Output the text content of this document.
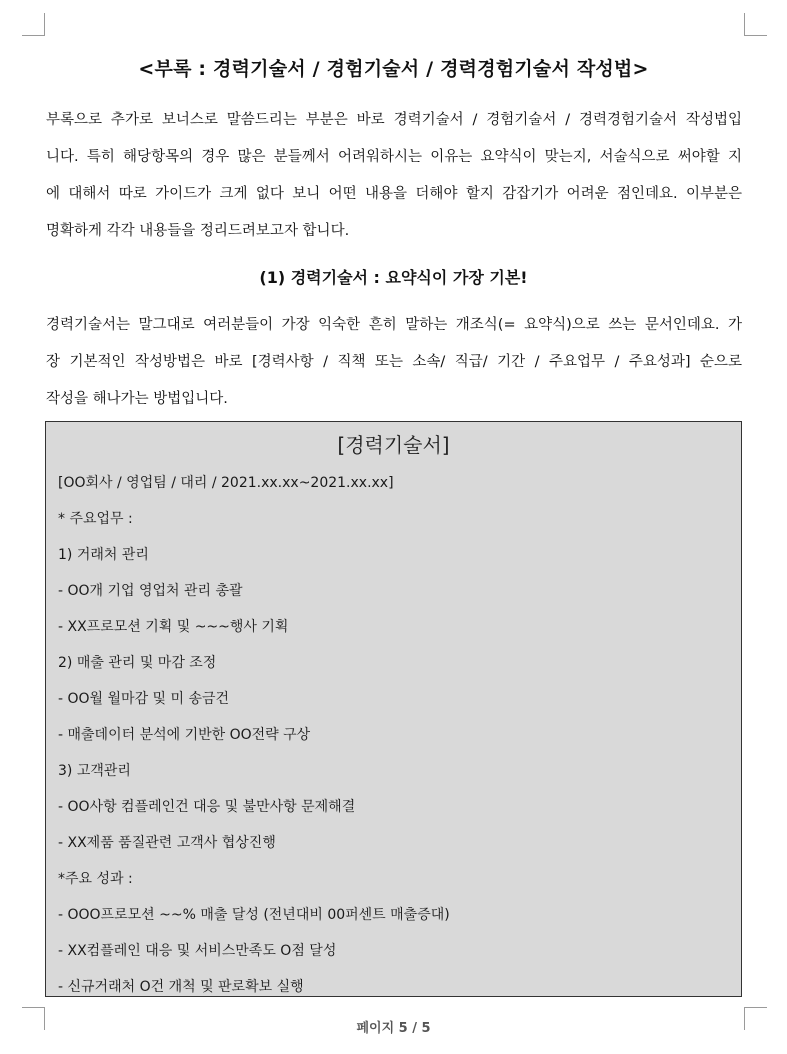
<부록 : 경력기술서 / 경험기술서 / 경력경험기술서 작성법>
부록으로 추가로 보너스로 말씀드리는 부분은 바로 경력기술서 / 경험기술서 / 경력경험기술서 작성법입
니다. 특히 해당항목의 경우 많은 분들께서 어려워하시는 이유는 요약식이 맞는지, 서술식으로 써야할 지
에 대해서 따로 가이드가 크게 없다 보니 어떤 내용을 더해야 할지 감잡기가 어려운 점인데요. 이부분은
명확하게 각각 내용들을 정리드려보고자 합니다.
(1) 경력기술서 : 요약식이 가장 기본!
경력기술서는 말그대로 여러분들이 가장 익숙한 흔히 말하는 개조식(= 요약식)으로 쓰는 문서인데요. 가
장 기본적인 작성방법은 바로 [경력사항 / 직책 또는 소속/ 직급/ 기간 / 주요업무 / 주요성과] 순으로
작성을 해나가는 방법입니다.
[경력기술서]
[OO회사 / 영업팀 / 대리 / 2021.xx.xx~2021.xx.xx]
* 주요업무 :
1) 거래처 관리
- OO개 기업 영업처 관리 총괄
- XX프로모션 기획 및 ~~~행사 기획
2) 매출 관리 및 마감 조정
- OO월 월마감 및 미 송금건
- 매출데이터 분석에 기반한 OO전략 구상
3) 고객관리
- OO사항 컴플레인건 대응 및 불만사항 문제해결
- XX제품 품질관련 고객사 협상진행
*주요 성과 :
- OOO프로모션 ~~% 매출 달성 (전년대비 00퍼센트 매출증대)
- XX컴플레인 대응 및 서비스만족도 O점 달성
- 신규거래처 O건 개척 및 판로확보 실행
페이지 5 / 5
